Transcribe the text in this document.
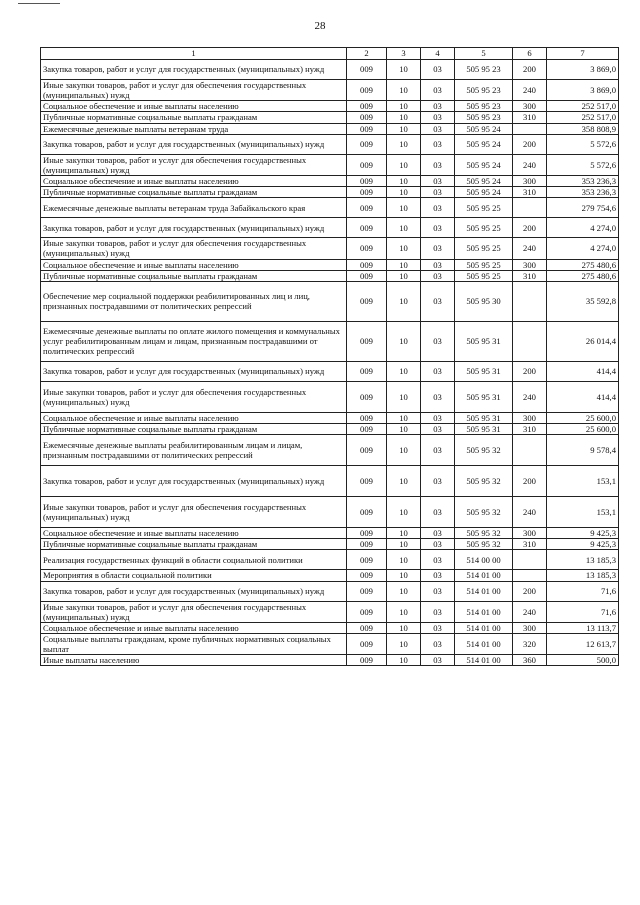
28
1	2	3	4	5	6	7
Закупка товаров, работ и услуг для государственных (муниципальных) нужд	009	10	03	505 95 23	200	3 869,0
Иные закупки товаров, работ и услуг для обеспечения государственных (муниципальных) нужд	009	10	03	505 95 23	240	3 869,0
Социальное обеспечение и иные выплаты населению	009	10	03	505 95 23	300	252 517,0
Публичные нормативные социальные выплаты гражданам	009	10	03	505 95 23	310	252 517,0
Ежемесячные денежные выплаты ветеранам труда	009	10	03	505 95 24		358 808,9
Закупка товаров, работ и услуг для государственных (муниципальных) нужд	009	10	03	505 95 24	200	5 572,6
Иные закупки товаров, работ и услуг для обеспечения государственных (муниципальных) нужд	009	10	03	505 95 24	240	5 572,6
Социальное обеспечение и иные выплаты населению	009	10	03	505 95 24	300	353 236,3
Публичные нормативные социальные выплаты гражданам	009	10	03	505 95 24	310	353 236,3
Ежемесячные денежные выплаты ветеранам труда Забайкальского края	009	10	03	505 95 25		279 754,6
Закупка товаров, работ и услуг для государственных (муниципальных) нужд	009	10	03	505 95 25	200	4 274,0
Иные закупки товаров, работ и услуг для обеспечения государственных (муниципальных) нужд	009	10	03	505 95 25	240	4 274,0
Социальное обеспечение и иные выплаты населению	009	10	03	505 95 25	300	275 480,6
Публичные нормативные социальные выплаты гражданам	009	10	03	505 95 25	310	275 480,6
Обеспечение мер социальной поддержки реабилитированных лиц и лиц, признанных пострадавшими от политических репрессий	009	10	03	505 95 30		35 592,8
Ежемесячные денежные выплаты по оплате жилого помещения и коммунальных услуг реабилитированным лицам и лицам, признанным пострадавшими от политических репрессий	009	10	03	505 95 31		26 014,4
Закупка товаров, работ и услуг для государственных (муниципальных) нужд	009	10	03	505 95 31	200	414,4
Иные закупки товаров, работ и услуг для обеспечения государственных (муниципальных) нужд	009	10	03	505 95 31	240	414,4
Социальное обеспечение и иные выплаты населению	009	10	03	505 95 31	300	25 600,0
Публичные нормативные социальные выплаты гражданам	009	10	03	505 95 31	310	25 600,0
Ежемесячные денежные выплаты реабилитированным лицам и лицам, признанным пострадавшими от политических репрессий	009	10	03	505 95 32		9 578,4
Закупка товаров, работ и услуг для государственных (муниципальных) нужд	009	10	03	505 95 32	200	153,1
Иные закупки товаров, работ и услуг для обеспечения государственных (муниципальных) нужд	009	10	03	505 95 32	240	153,1
Социальное обеспечение и иные выплаты населению	009	10	03	505 95 32	300	9 425,3
Публичные нормативные социальные выплаты гражданам	009	10	03	505 95 32	310	9 425,3
Реализация государственных функций в области социальной политики	009	10	03	514 00 00		13 185,3
Мероприятия в области социальной политики	009	10	03	514 01 00		13 185,3
Закупка товаров, работ и услуг для государственных (муниципальных) нужд	009	10	03	514 01 00	200	71,6
Иные закупки товаров, работ и услуг для обеспечения государственных (муниципальных) нужд	009	10	03	514 01 00	240	71,6
Социальное обеспечение и иные выплаты населению	009	10	03	514 01 00	300	13 113,7
Социальные выплаты гражданам, кроме публичных нормативных социальных выплат	009	10	03	514 01 00	320	12 613,7
Иные выплаты населению	009	10	03	514 01 00	360	500,0
